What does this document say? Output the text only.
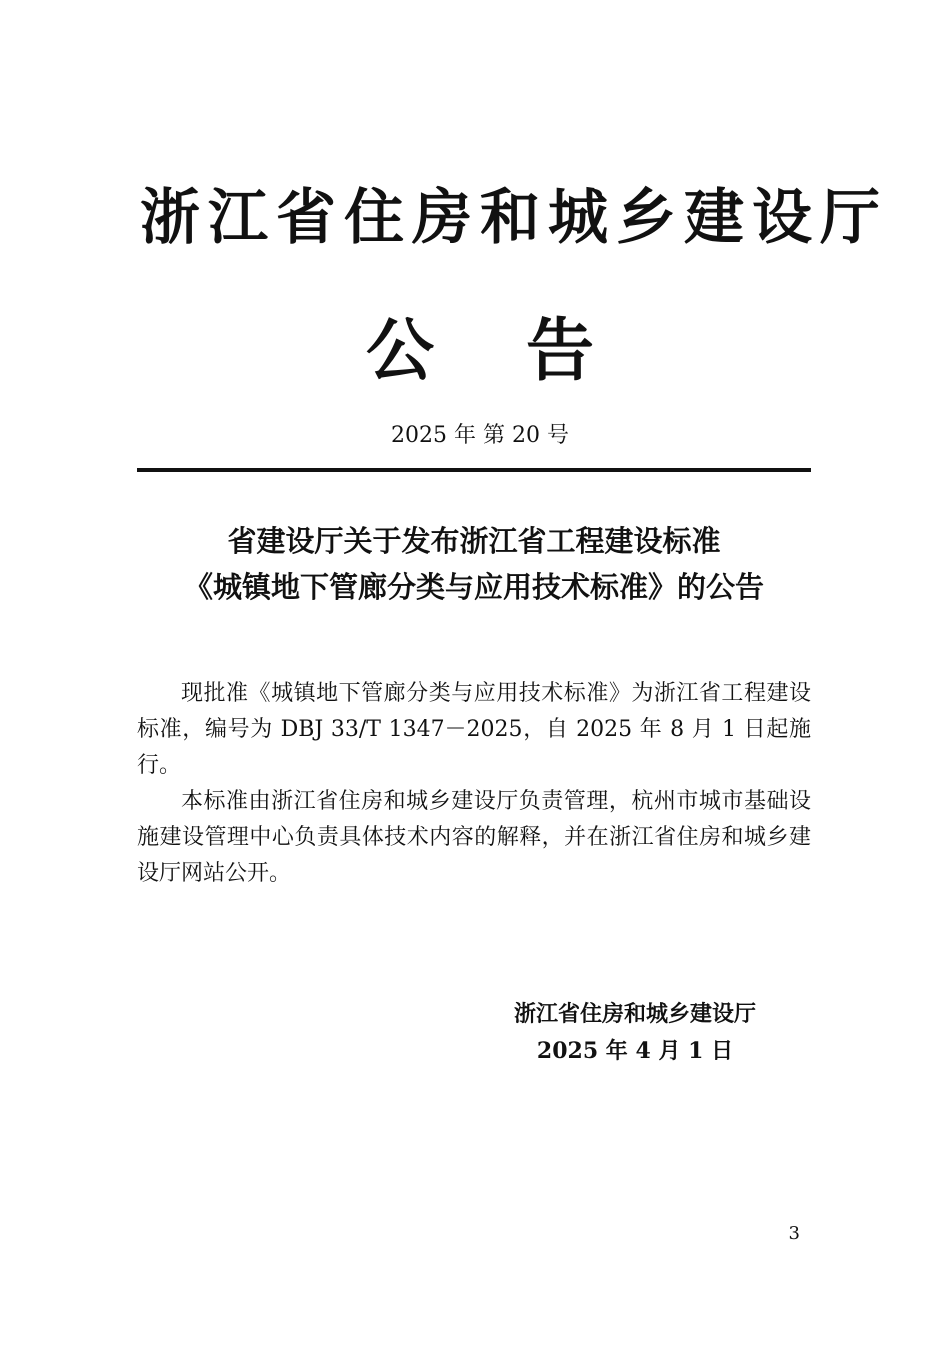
浙江省住房和城乡建设厅
公 告
2025 年 第 20 号
省建设厅关于发布浙江省工程建设标准
《城镇地下管廊分类与应用技术标准》的公告

现批准《城镇地下管廊分类与应用技术标准》为浙江省工程建设标准，编号为 DBJ 33/T 1347－2025，自 2025 年 8 月 1 日起施行。

本标准由浙江省住房和城乡建设厅负责管理，杭州市城市基础设施建设管理中心负责具体技术内容的解释，并在浙江省住房和城乡建设厅网站公开。

浙江省住房和城乡建设厅
2025 年 4 月 1 日
3
